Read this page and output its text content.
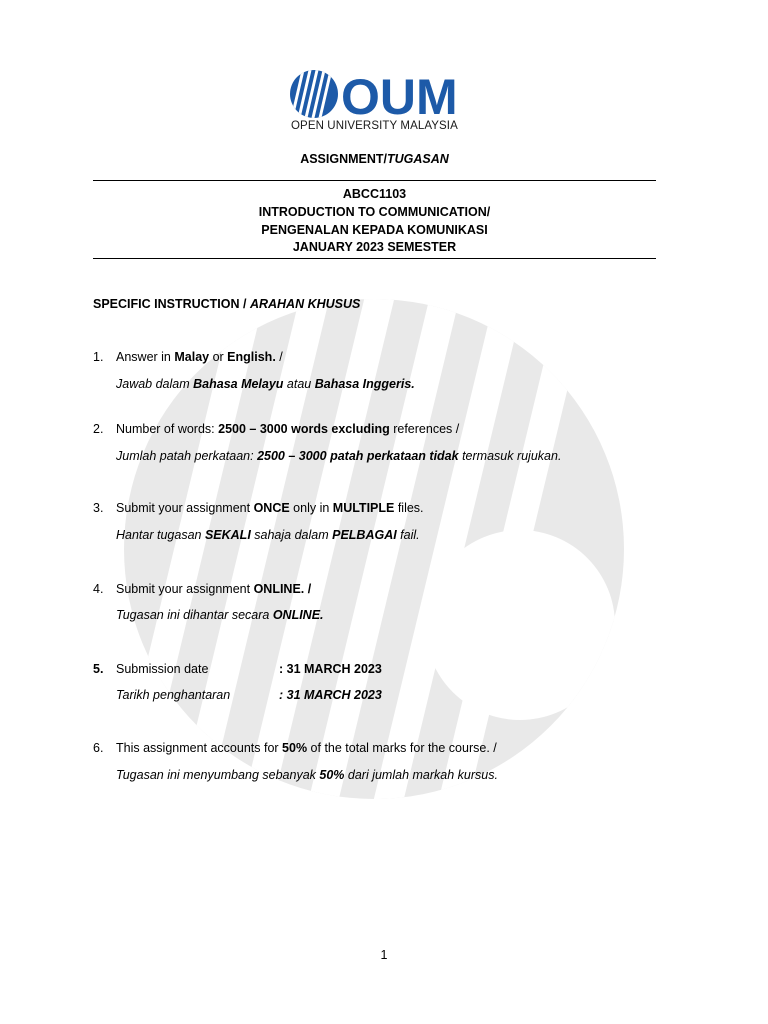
OUM
OPEN UNIVERSITY MALAYSIA
ASSIGNMENT/TUGASAN
ABCC1103
INTRODUCTION TO COMMUNICATION/
PENGENALAN KEPADA KOMUNIKASI
JANUARY 2023 SEMESTER
SPECIFIC INSTRUCTION / ARAHAN KHUSUS
1. Answer in Malay or English. /
Jawab dalam Bahasa Melayu atau Bahasa Inggeris.
2. Number of words: 2500 – 3000 words excluding references /
Jumlah patah perkataan: 2500 – 3000 patah perkataan tidak termasuk rujukan.
3. Submit your assignment ONCE only in MULTIPLE files.
Hantar tugasan SEKALI sahaja dalam PELBAGAI fail.
4. Submit your assignment ONLINE. /
Tugasan ini dihantar secara ONLINE.
5. Submission date	: 31 MARCH 2023
Tarikh penghantaran	: 31 MARCH 2023
6. This assignment accounts for 50% of the total marks for the course. /
Tugasan ini menyumbang sebanyak 50% dari jumlah markah kursus.
1
